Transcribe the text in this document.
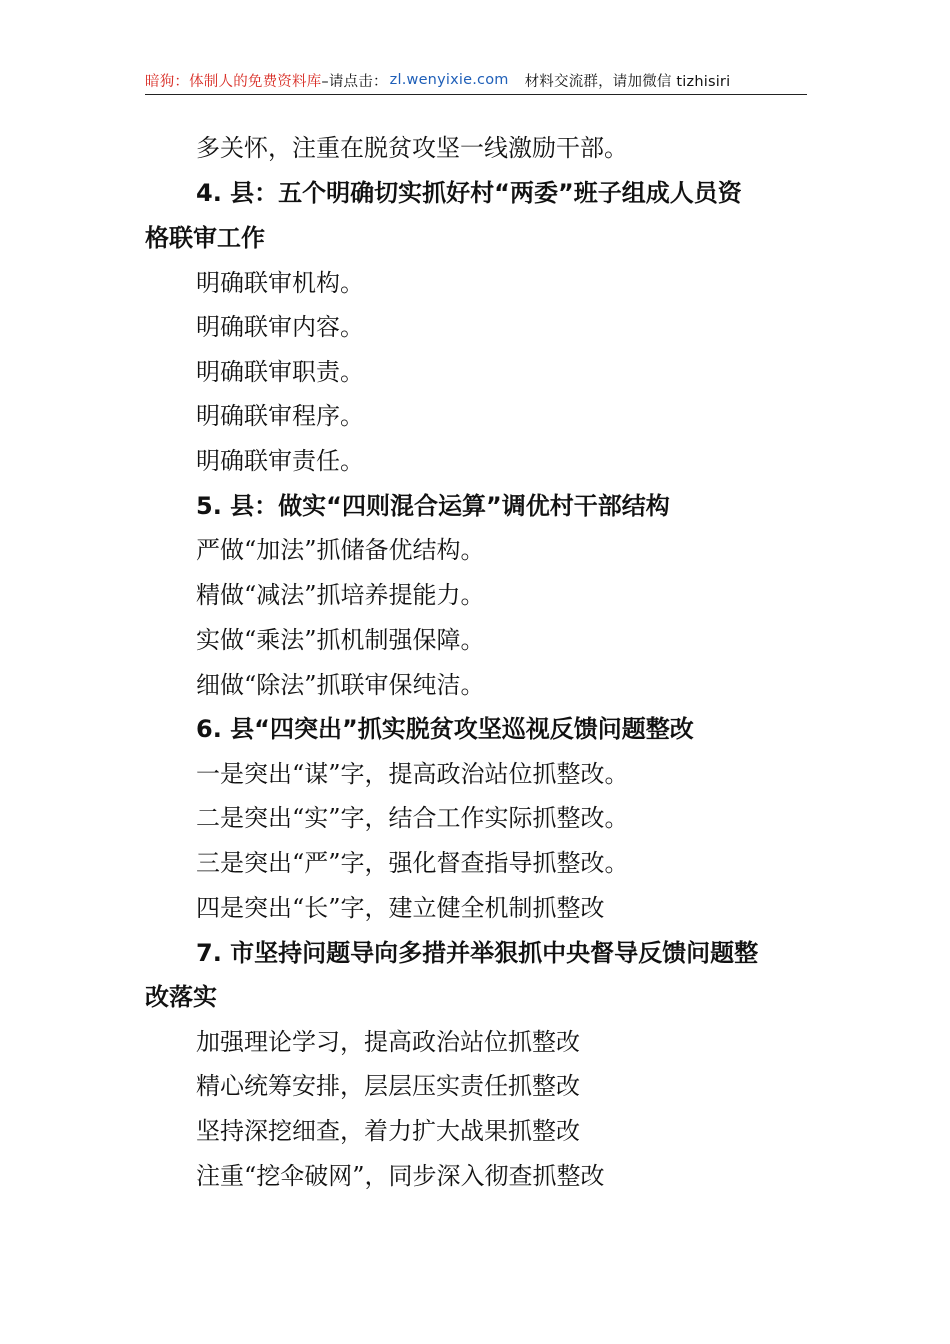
暗狗：体制人的免费资料库 –请点击： zl.wenyixie.com 材料交流群，请加微信 tizhisiri
多关怀，注重在脱贫攻坚一线激励干部。
4. 县：五个明确切实抓好村“两委”班子组成人员资
格联审工作
明确联审机构。
明确联审内容。
明确联审职责。
明确联审程序。
明确联审责任。
5. 县：做实“四则混合运算”调优村干部结构
严做“加法”抓储备优结构。
精做“减法”抓培养提能力。
实做“乘法”抓机制强保障。
细做“除法”抓联审保纯洁。
6. 县“四突出”抓实脱贫攻坚巡视反馈问题整改
一是突出“谋”字，提高政治站位抓整改。
二是突出“实”字，结合工作实际抓整改。
三是突出“严”字，强化督查指导抓整改。
四是突出“长”字，建立健全机制抓整改
7. 市坚持问题导向多措并举狠抓中央督导反馈问题整
改落实
加强理论学习，提高政治站位抓整改
精心统筹安排，层层压实责任抓整改
坚持深挖细查，着力扩大战果抓整改
注重“挖伞破网”，同步深入彻查抓整改
